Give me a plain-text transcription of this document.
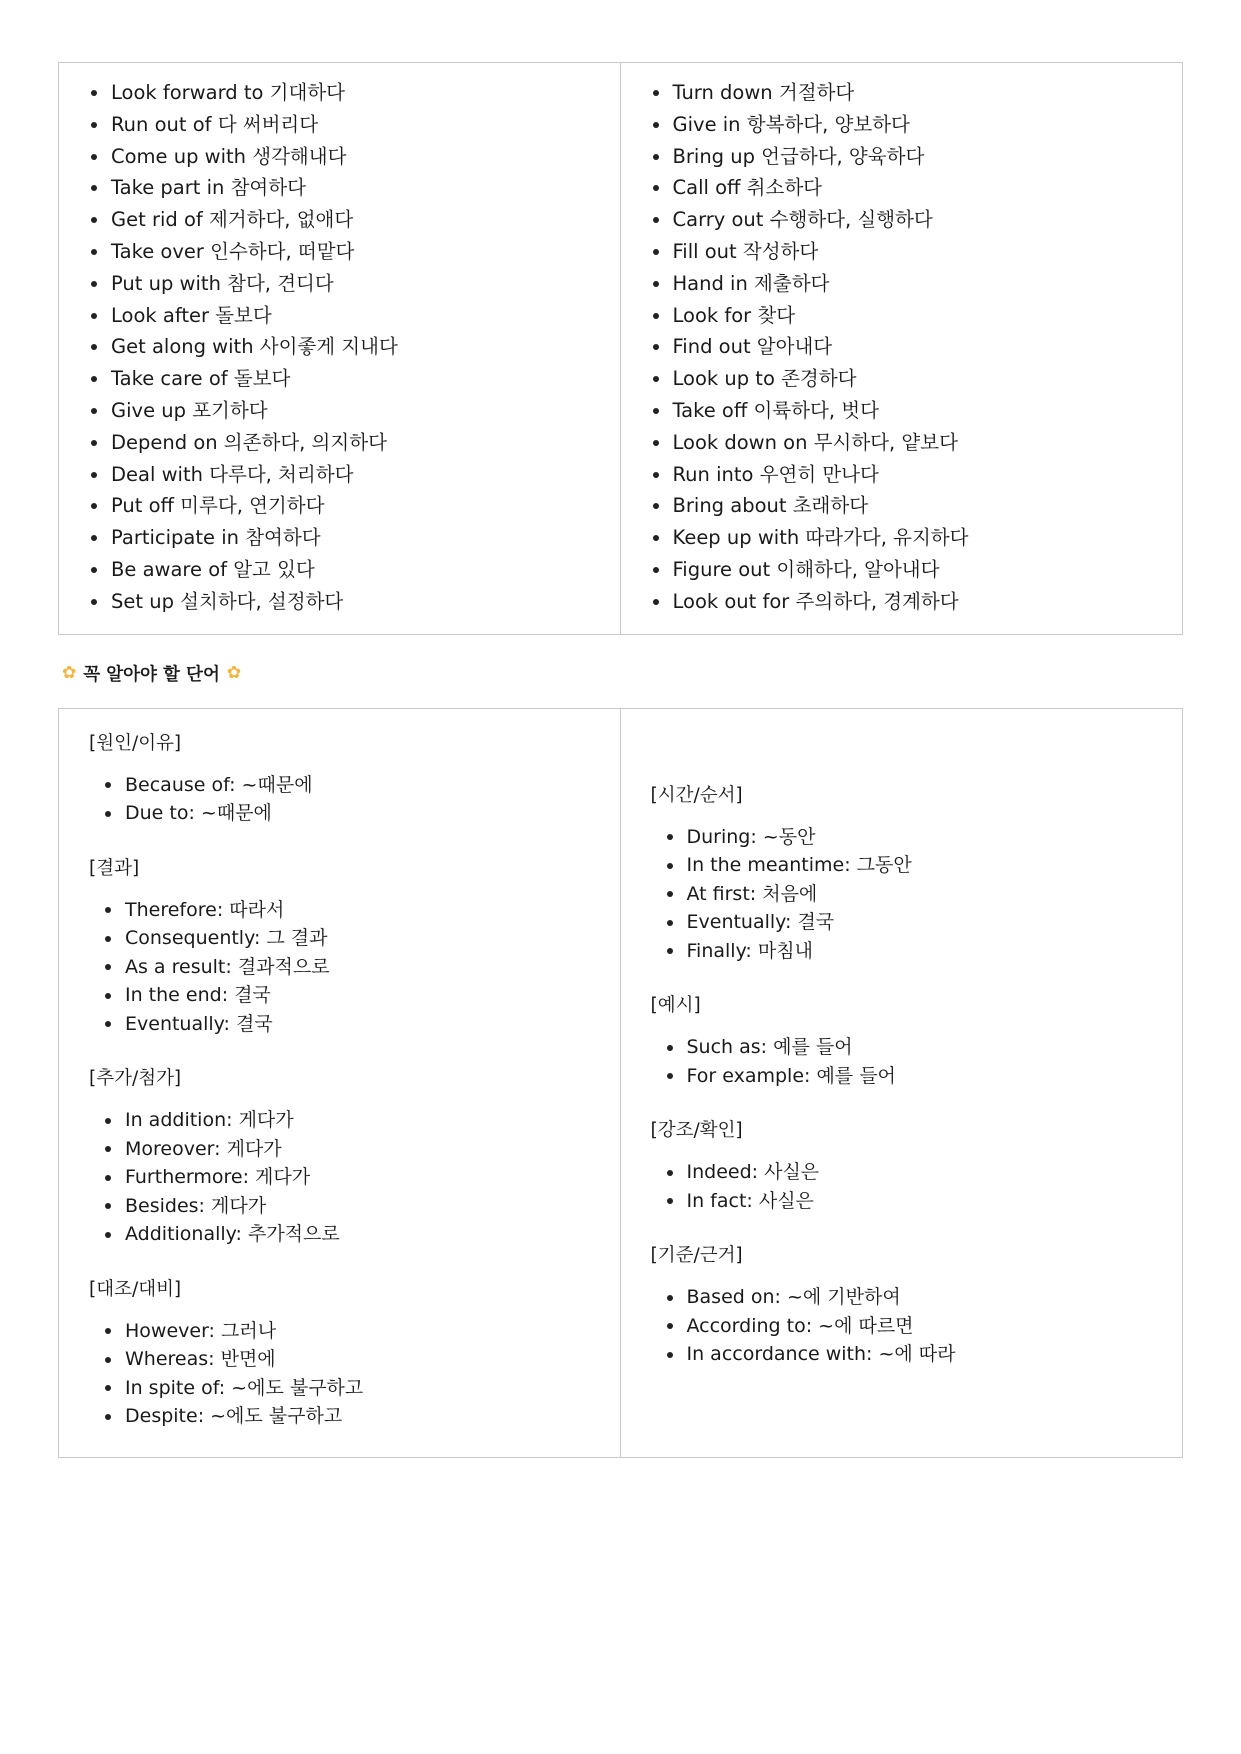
Look forward to 기대하다
Run out of 다 써버리다
Come up with 생각해내다
Take part in 참여하다
Get rid of 제거하다, 없애다
Take over 인수하다, 떠맡다
Put up with 참다, 견디다
Look after 돌보다
Get along with 사이좋게 지내다
Take care of 돌보다
Give up 포기하다
Depend on 의존하다, 의지하다
Deal with 다루다, 처리하다
Put off 미루다, 연기하다
Participate in 참여하다
Be aware of 알고 있다
Set up 설치하다, 설정하다
Turn down 거절하다
Give in 항복하다, 양보하다
Bring up 언급하다, 양육하다
Call off 취소하다
Carry out 수행하다, 실행하다
Fill out 작성하다
Hand in 제출하다
Look for 찾다
Find out 알아내다
Look up to 존경하다
Take off 이륙하다, 벗다
Look down on 무시하다, 얕보다
Run into 우연히 만나다
Bring about 초래하다
Keep up with 따라가다, 유지하다
Figure out 이해하다, 알아내다
Look out for 주의하다, 경계하다
✿ 꼭 알아야 할 단어 ✿
[원인/이유]
Because of: ~때문에
Due to: ~때문에
[결과]
Therefore: 따라서
Consequently: 그 결과
As a result: 결과적으로
In the end: 결국
Eventually: 결국
[추가/첨가]
In addition: 게다가
Moreover: 게다가
Furthermore: 게다가
Besides: 게다가
Additionally: 추가적으로
[대조/대비]
However: 그러나
Whereas: 반면에
In spite of: ~에도 불구하고
Despite: ~에도 불구하고
[시간/순서]
During: ~동안
In the meantime: 그동안
At first: 처음에
Eventually: 결국
Finally: 마침내
[예시]
Such as: 예를 들어
For example: 예를 들어
[강조/확인]
Indeed: 사실은
In fact: 사실은
[기준/근거]
Based on: ~에 기반하여
According to: ~에 따르면
In accordance with: ~에 따라
